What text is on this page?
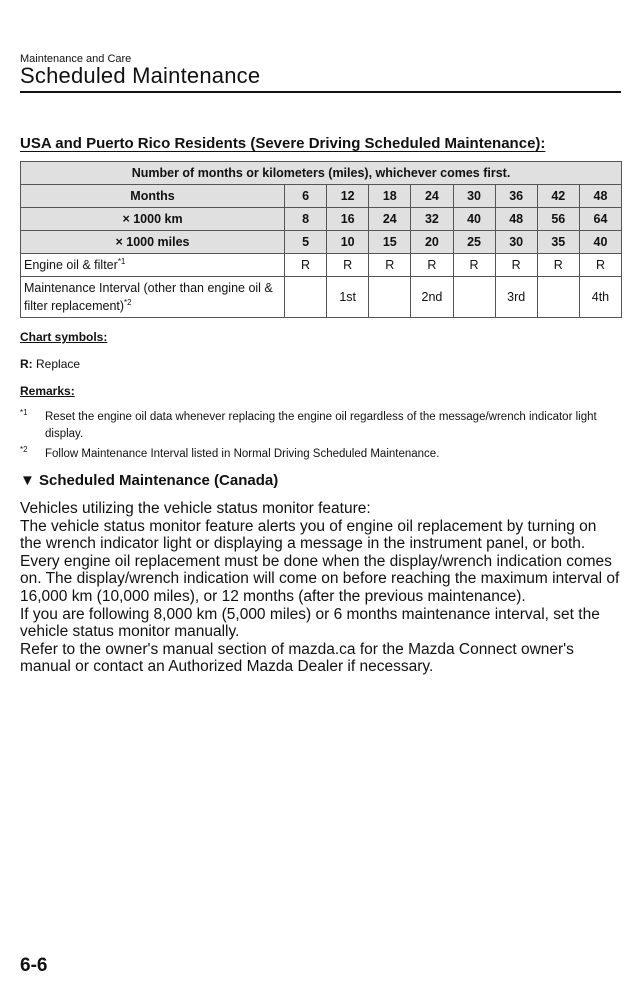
Maintenance and Care
Scheduled Maintenance
USA and Puerto Rico Residents (Severe Driving Scheduled Maintenance):
Number of months or kilometers (miles), whichever comes first.								
Months	6	12	18	24	30	36	42	48
× 1000 km	8	16	24	32	40	48	56	64
× 1000 miles	5	10	15	20	25	30	35	40
Engine oil & filter$^{*1}$	R	R	R	R	R	R	R	R
Maintenance Interval (other than engine oil & filter replacement)$^{*2}$		1st		2nd		3rd		4th
Chart symbols:
R: Replace
Remarks:
$^{*1}$ Reset the engine oil data whenever replacing the engine oil regardless of the message/wrench indicator light display.
$^{*2}$ Follow Maintenance Interval listed in Normal Driving Scheduled Maintenance.
▼ Scheduled Maintenance (Canada)

Vehicles utilizing the vehicle status monitor feature:

The vehicle status monitor feature alerts you of engine oil replacement by turning on the wrench indicator light or displaying a message in the instrument panel, or both. Every engine oil replacement must be done when the display/wrench indication comes on. The display/wrench indication will come on before reaching the maximum interval of 16,000 km (10,000 miles), or 12 months (after the previous maintenance).

If you are following 8,000 km (5,000 miles) or 6 months maintenance interval, set the vehicle status monitor manually.

Refer to the owner's manual section of mazda.ca for the Mazda Connect owner's manual or contact an Authorized Mazda Dealer if necessary.

6-6
